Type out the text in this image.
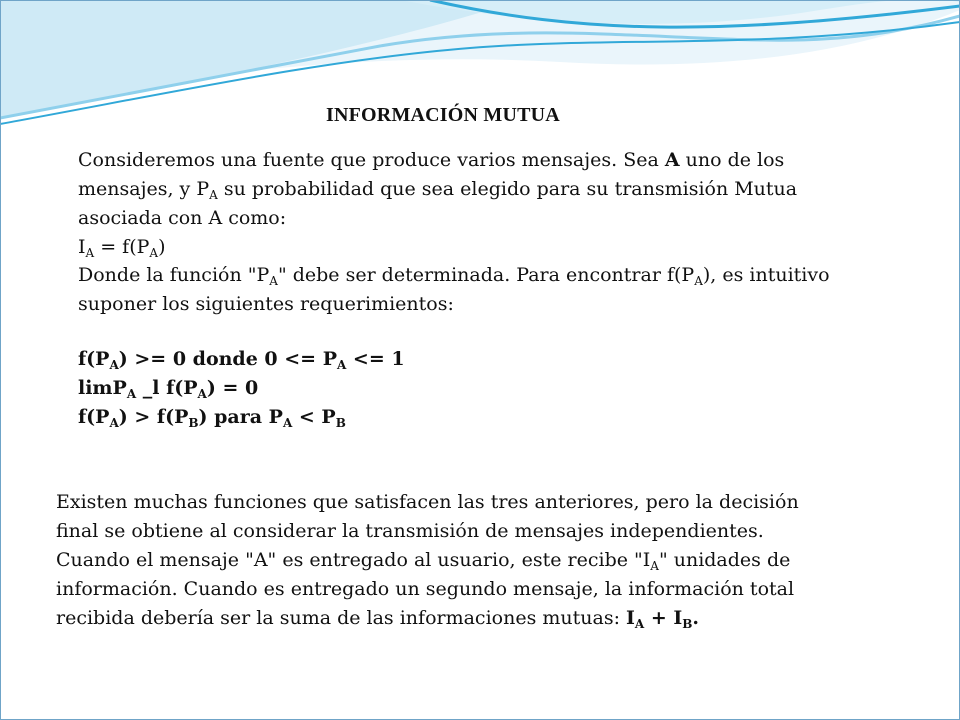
INFORMACIÓN MUTUA
Consideremos una fuente que produce varios mensajes. Sea A uno de los
mensajes, y $P_A$ su probabilidad que sea elegido para su transmisión Mutua
asociada con A como:
$I_A = f(P_A)$
Donde la función "$P_A$" debe ser determinada. Para encontrar $f(P_A)$, es intuitivo
suponer los siguientes requerimientos:
$f(P_A) >= 0$ donde $0 <= P_A <= 1$
limP$_A$ _l $f(P_A) = 0$
$f(P_A) > f(P_B)$ para $P_A < P_B$
Existen muchas funciones que satisfacen las tres anteriores, pero la decisión
final se obtiene al considerar la transmisión de mensajes independientes.
Cuando el mensaje "A" es entregado al usuario, este recibe "$I_A$" unidades de
información. Cuando es entregado un segundo mensaje, la información total
recibida debería ser la suma de las informaciones mutuas: $I_A + I_B$.
